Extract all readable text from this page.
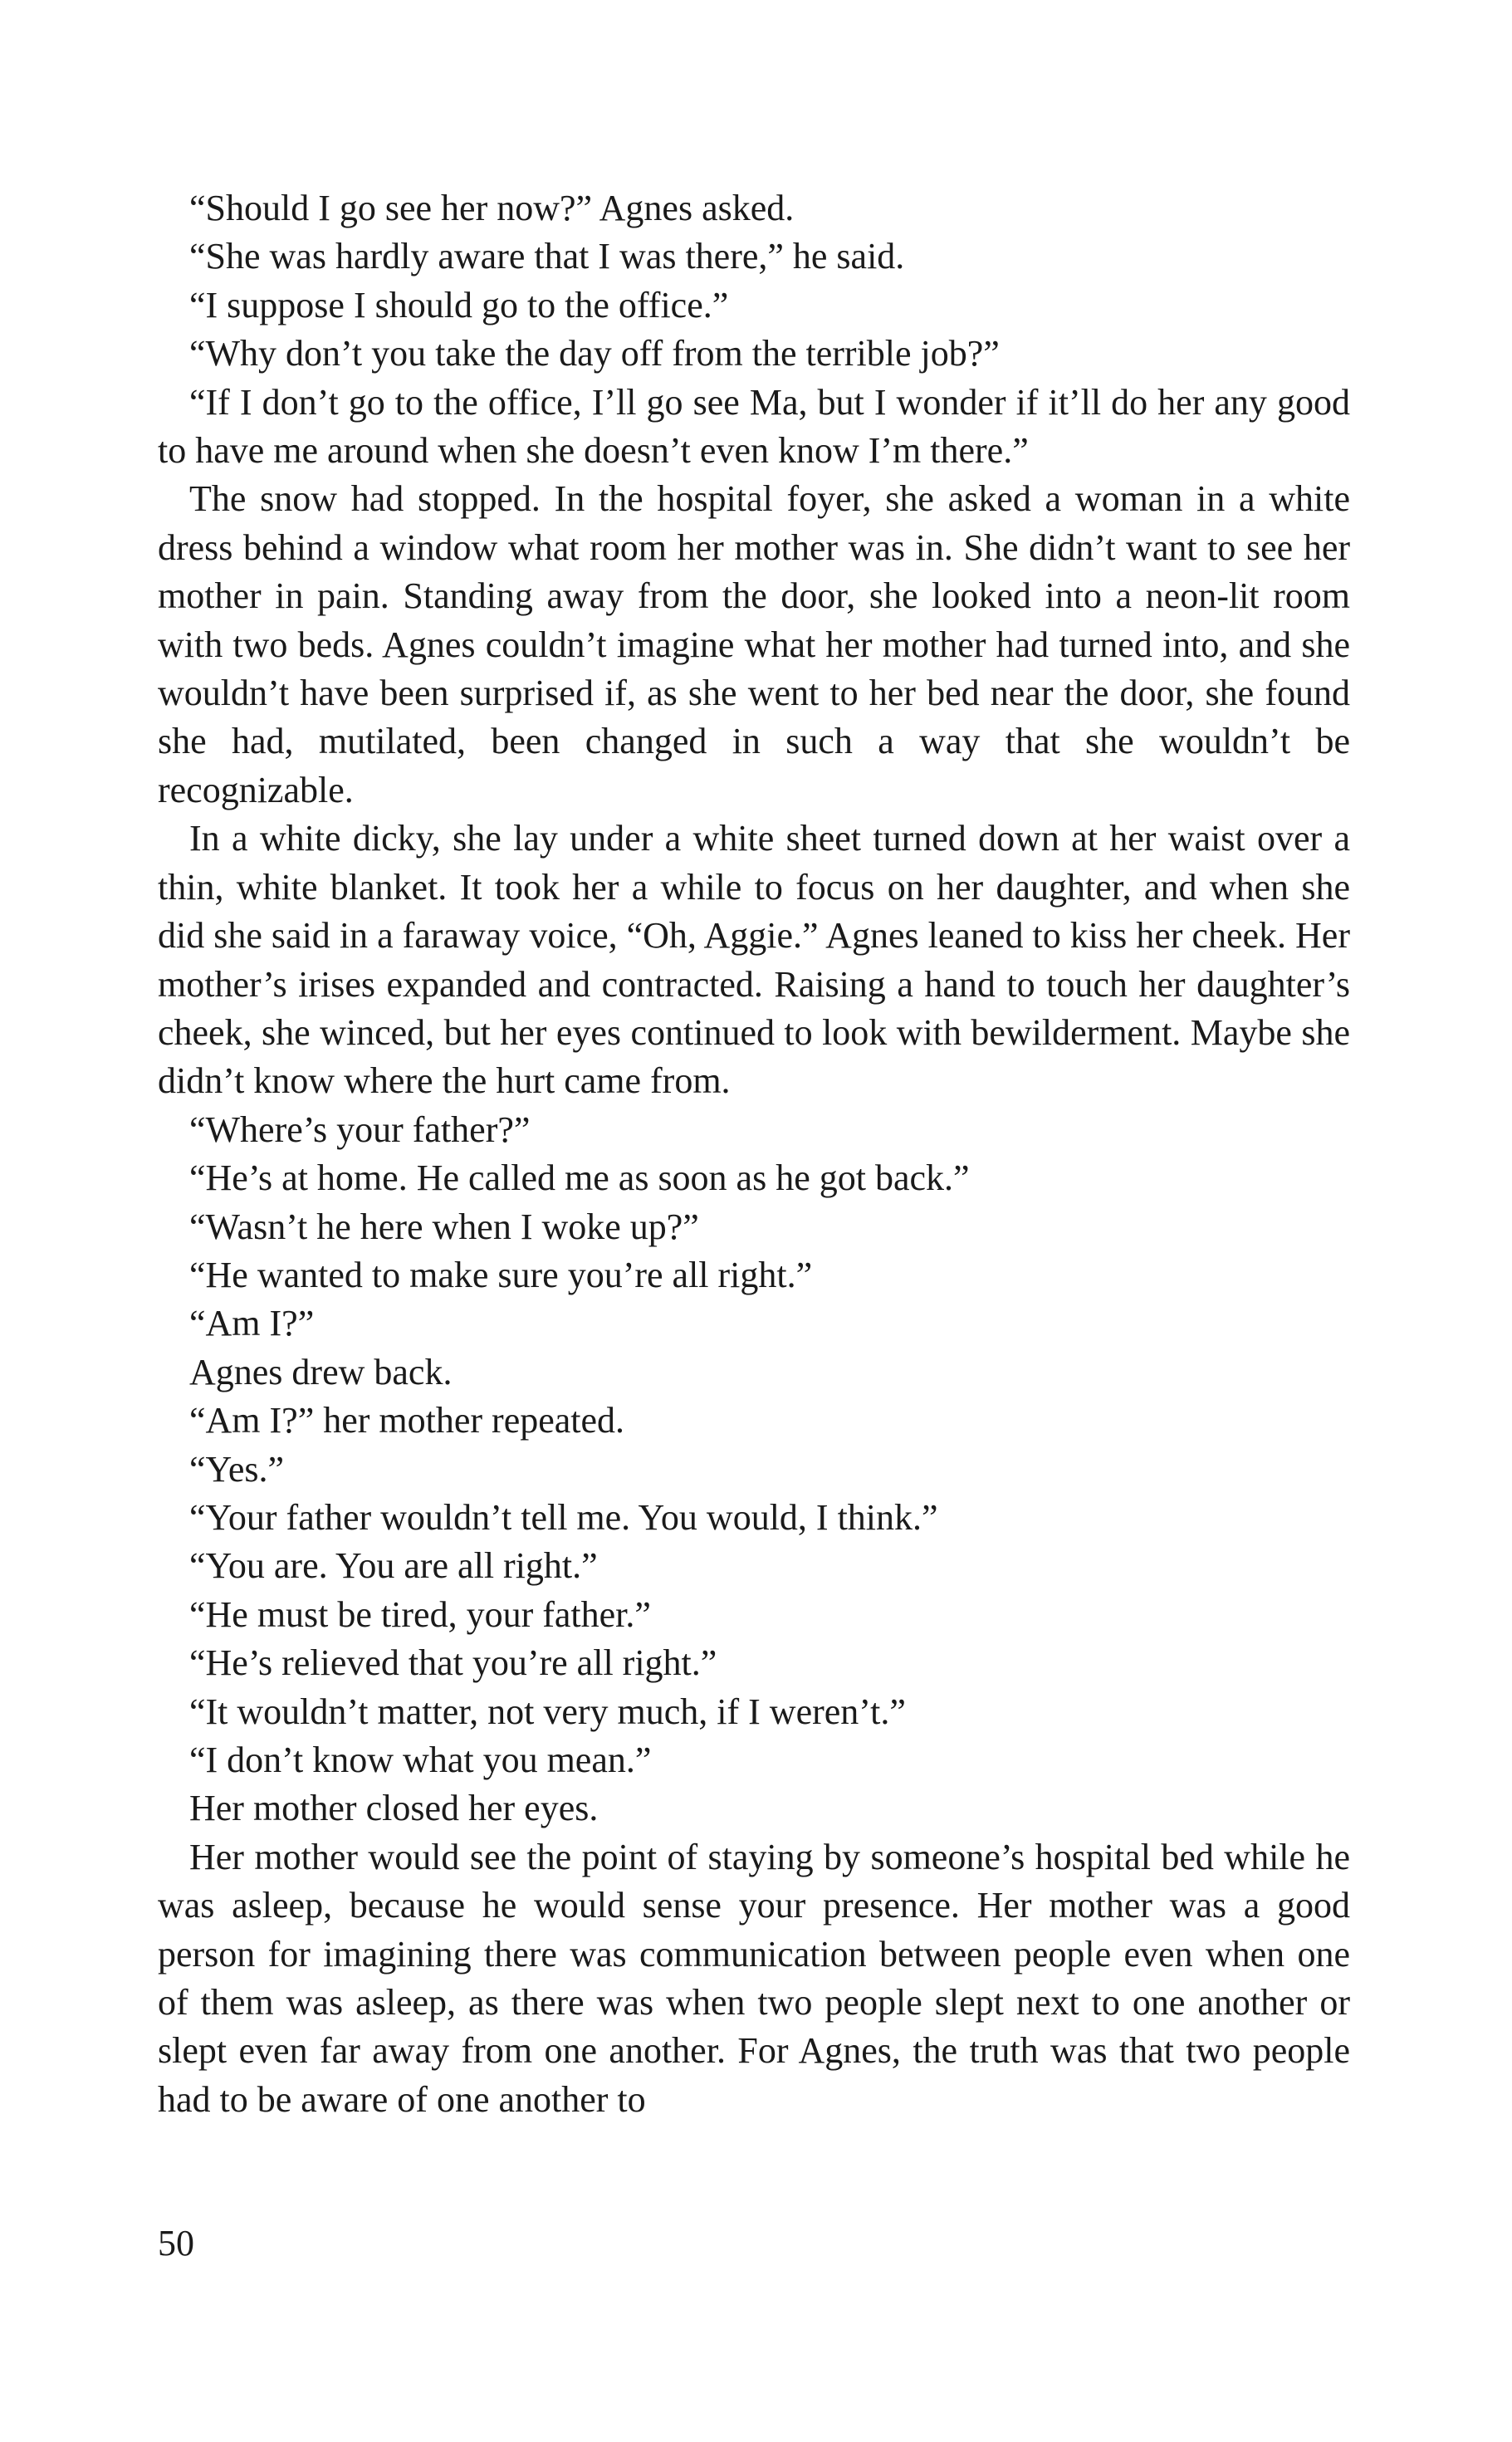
“Should I go see her now?” Agnes asked.

“She was hardly aware that I was there,” he said.

“I suppose I should go to the office.”

“Why don’t you take the day off from the terrible job?”

“If I don’t go to the office, I’ll go see Ma, but I wonder if it’ll do her any good to have me around when she doesn’t even know I’m there.”

The snow had stopped. In the hospital foyer, she asked a woman in a white dress behind a window what room her mother was in. She didn’t want to see her mother in pain. Standing away from the door, she looked into a neon-lit room with two beds. Agnes couldn’t imagine what her mother had turned into, and she wouldn’t have been surprised if, as she went to her bed near the door, she found she had, mutilated, been changed in such a way that she wouldn’t be recognizable.

In a white dicky, she lay under a white sheet turned down at her waist over a thin, white blanket. It took her a while to focus on her daughter, and when she did she said in a faraway voice, “Oh, Aggie.” Agnes leaned to kiss her cheek. Her mother’s irises expanded and contracted. Raising a hand to touch her daughter’s cheek, she winced, but her eyes continued to look with bewilderment. Maybe she didn’t know where the hurt came from.

“Where’s your father?”

“He’s at home. He called me as soon as he got back.”

“Wasn’t he here when I woke up?”

“He wanted to make sure you’re all right.”

“Am I?”

Agnes drew back.

“Am I?” her mother repeated.

“Yes.”

“Your father wouldn’t tell me. You would, I think.”

“You are. You are all right.”

“He must be tired, your father.”

“He’s relieved that you’re all right.”

“It wouldn’t matter, not very much, if I weren’t.”

“I don’t know what you mean.”

Her mother closed her eyes.

Her mother would see the point of staying by someone’s hospital bed while he was asleep, because he would sense your presence. Her mother was a good person for imagining there was communication between people even when one of them was asleep, as there was when two people slept next to one another or slept even far away from one another. For Agnes, the truth was that two people had to be aware of one another to

50
